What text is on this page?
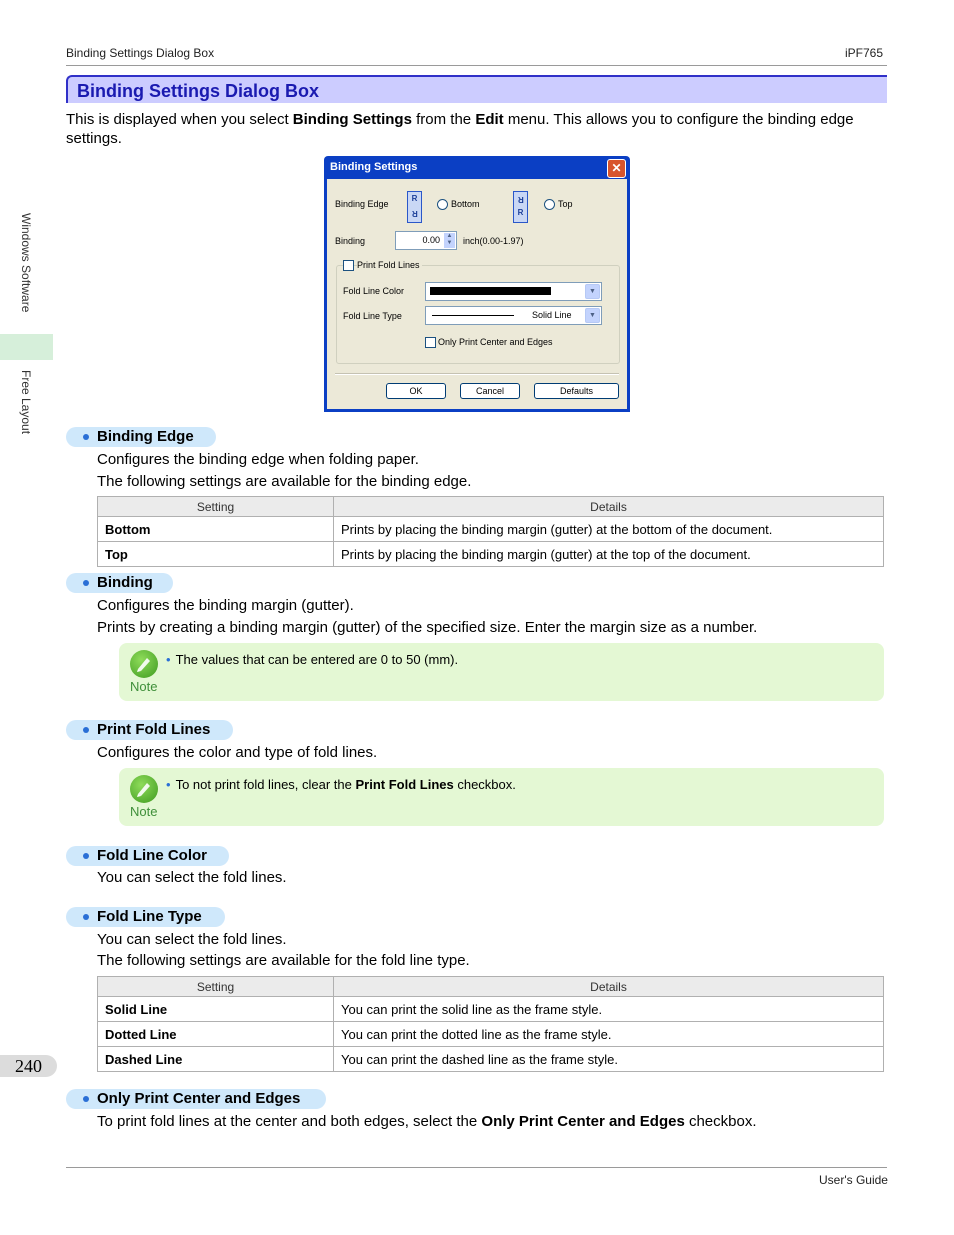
Binding Settings Dialog Box	iPF765
Binding Settings Dialog Box
This is displayed when you select Binding Settings from the Edit menu. This allows you to configure the binding edge
settings.
Windows Software
Free Layout
Binding Settings	✕
Binding Edge
R
R
Bottom	R
R
Top
Binding	0.00	▲
▼ inch(0.00-1.97)
Print Fold Lines
Fold Line Color	▼
Fold Line Type	Solid Line	▼
Only Print Center and Edges
OK	Cancel	Defaults
Binding Edge
Configures the binding edge when folding paper.
The following settings are available for the binding edge.
Setting	Details
Bottom	Prints by placing the binding margin (gutter) at the bottom of the document.
Top	Prints by placing the binding margin (gutter) at the top of the document.
Binding
Configures the binding margin (gutter).
Prints by creating a binding margin (gutter) of the specified size. Enter the margin size as a number.
Note
• The values that can be entered are 0 to 50 (mm).
Print Fold Lines
Configures the color and type of fold lines.
Note
• To not print fold lines, clear the Print Fold Lines checkbox.
Fold Line Color
You can select the fold lines.
Fold Line Type
You can select the fold lines.
The following settings are available for the fold line type.
Setting	Details
Solid Line	You can print the solid line as the frame style.
Dotted Line	You can print the dotted line as the frame style.
Dashed Line	You can print the dashed line as the frame style.
240
Only Print Center and Edges
To print fold lines at the center and both edges, select the Only Print Center and Edges checkbox.
User's Guide
